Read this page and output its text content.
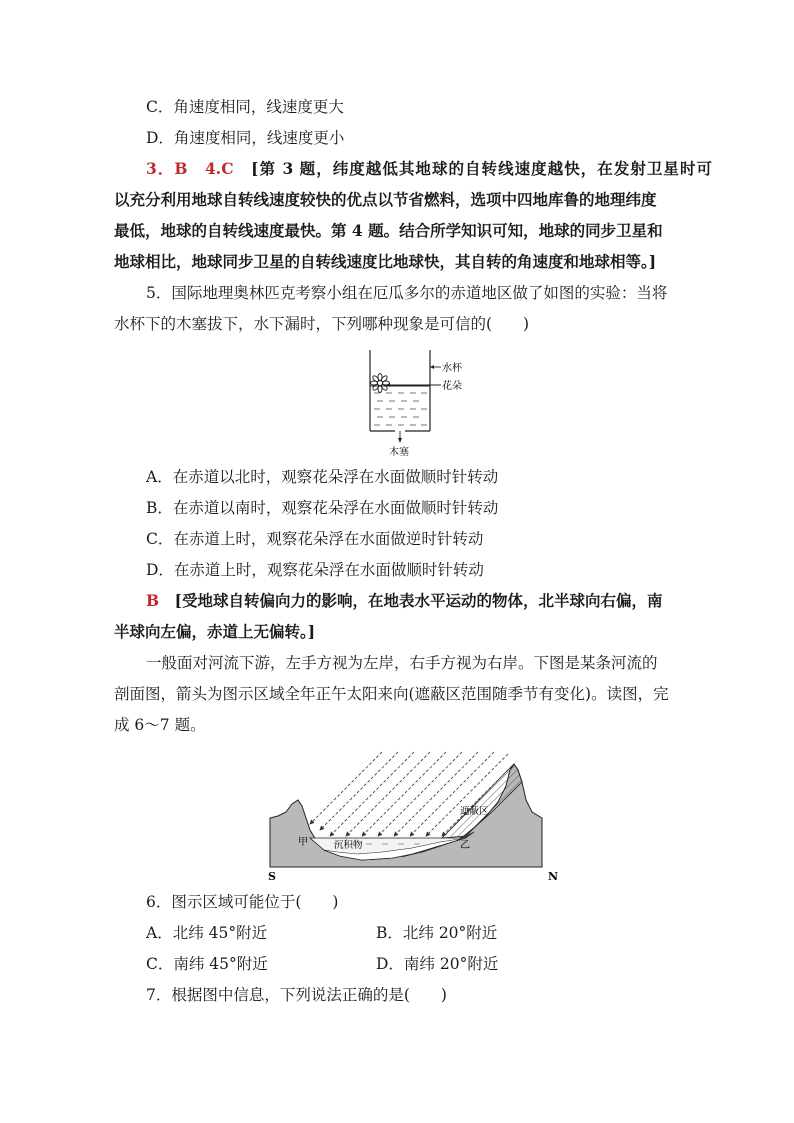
C．角速度相同，线速度更大
D．角速度相同，线速度更小
3．B　4.C　[第 3 题，纬度越低其地球的自转线速度越快，在发射卫星时可
以充分利用地球自转线速度较快的优点以节省燃料，选项中四地库鲁的地理纬度
最低，地球的自转线速度最快。第 4 题。结合所学知识可知，地球的同步卫星和
地球相比，地球同步卫星的自转线速度比地球快，其自转的角速度和地球相等。]
5．国际地理奥林匹克考察小组在厄瓜多尔的赤道地区做了如图的实验：当将
水杯下的木塞拔下，水下漏时，下列哪种现象是可信的(　　)
水杯
花朵
木塞
A．在赤道以北时，观察花朵浮在水面做顺时针转动
B．在赤道以南时，观察花朵浮在水面做顺时针转动
C．在赤道上时，观察花朵浮在水面做逆时针转动
D．在赤道上时，观察花朵浮在水面做顺时针转动
B　[受地球自转偏向力的影响，在地表水平运动的物体，北半球向右偏，南
半球向左偏，赤道上无偏转。]
一般面对河流下游，左手方视为左岸，右手方视为右岸。下图是某条河流的
剖面图，箭头为图示区域全年正午太阳来向(遮蔽区范围随季节有变化)。读图，完
成 6～7 题。
甲	乙
沉积物
遮蔽区
S	N
6．图示区域可能位于(　　)
A．北纬 45°附近	B．北纬 20°附近
C．南纬 45°附近	D．南纬 20°附近
7．根据图中信息，下列说法正确的是(　　)
